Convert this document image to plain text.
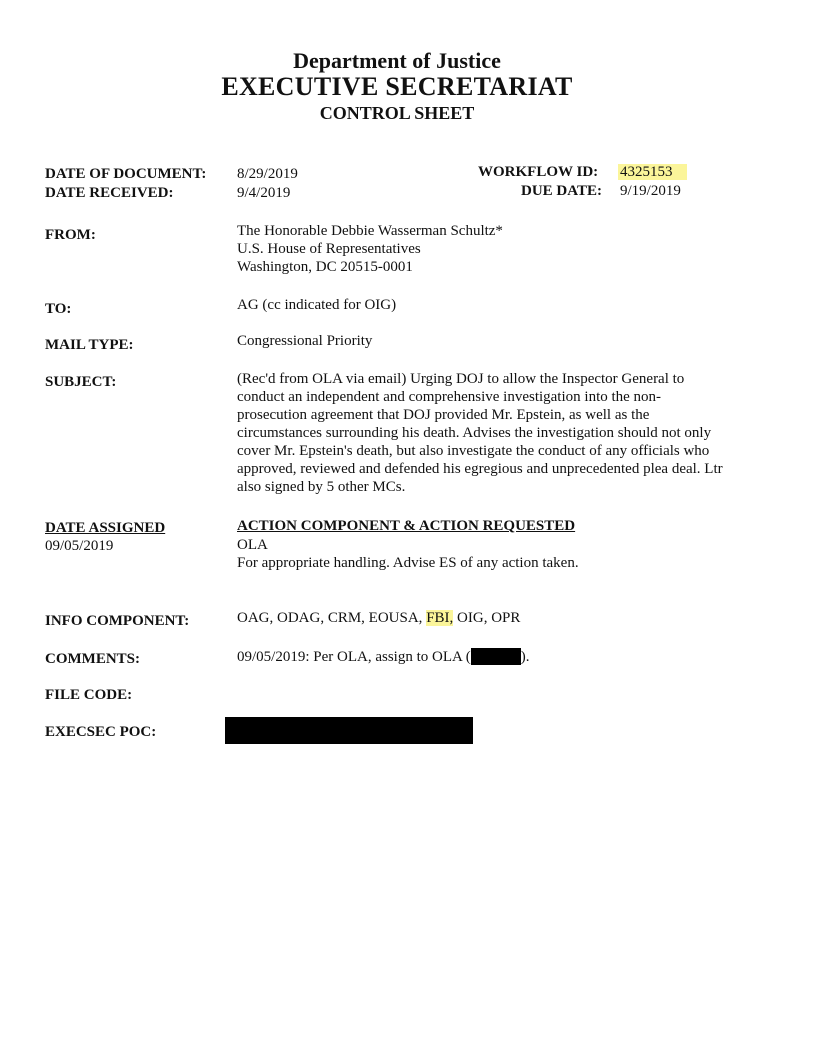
Department of Justice
EXECUTIVE SECRETARIAT
CONTROL SHEET
DATE OF DOCUMENT: 8/29/2019
DATE RECEIVED:	9/4/2019
WORKFLOW ID: 4325153
DUE DATE: 9/19/2019
FROM:	The Honorable Debbie Wasserman Schultz*
U.S. House of Representatives
Washington, DC 20515-0001
TO:	AG (cc indicated for OIG)
MAIL TYPE:	Congressional Priority
SUBJECT:	(Rec'd from OLA via email) Urging DOJ to allow the Inspector General to
conduct an independent and comprehensive investigation into the non-
prosecution agreement that DOJ provided Mr. Epstein, as well as the
circumstances surrounding his death. Advises the investigation should not only
cover Mr. Epstein's death, but also investigate the conduct of any officials who
approved, reviewed and defended his egregious and unprecedented plea deal. Ltr
also signed by 5 other MCs.
DATE ASSIGNED
09/05/2019
ACTION COMPONENT & ACTION REQUESTED
OLA
For appropriate handling. Advise ES of any action taken.
INFO COMPONENT:	OAG, ODAG, CRM, EOUSA, FBI, OIG, OPR
COMMENTS:	09/05/2019: Per OLA, assign to OLA (	).
FILE CODE:
EXECSEC POC:
